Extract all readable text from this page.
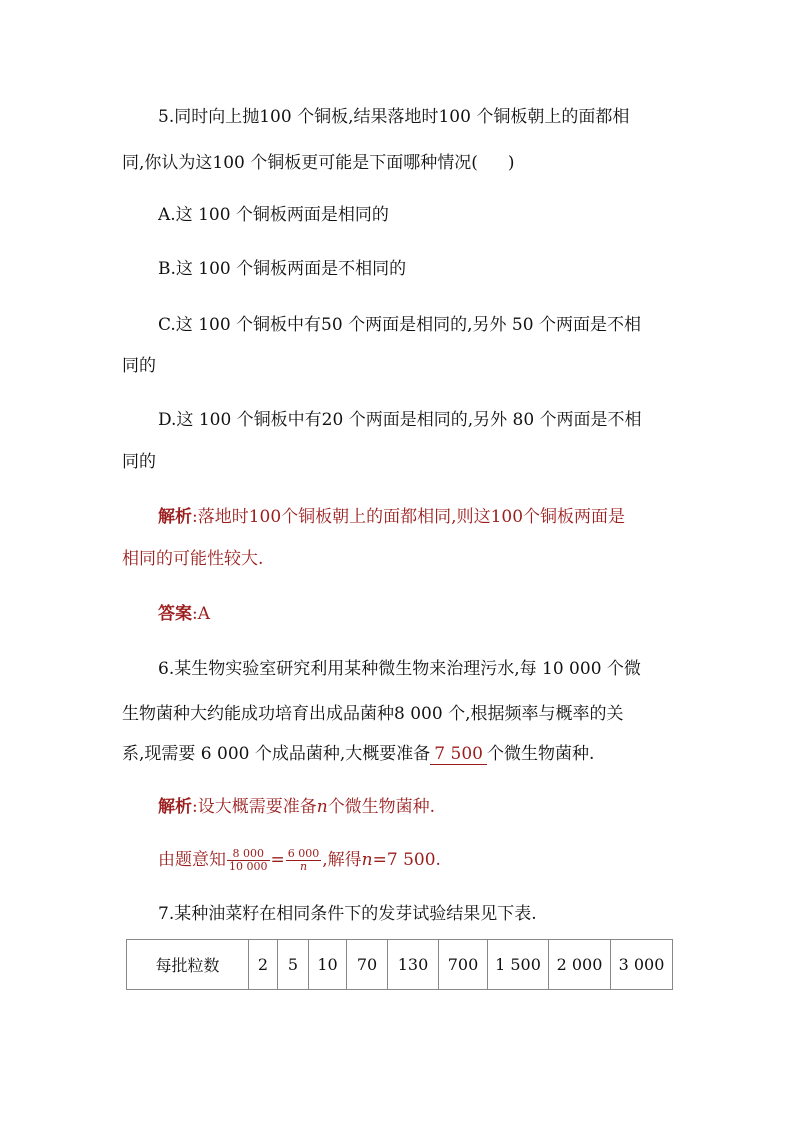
5.同时向上抛100 个铜板,结果落地时100 个铜板朝上的面都相
同,你认为这100 个铜板更可能是下面哪种情况( )
A.这 100 个铜板两面是相同的
B.这 100 个铜板两面是不相同的
C.这 100 个铜板中有50 个两面是相同的,另外 50 个两面是不相
同的
D.这 100 个铜板中有20 个两面是相同的,另外 80 个两面是不相
同的
解析:落地时100个铜板朝上的面都相同,则这100个铜板两面是
相同的可能性较大.
答案:A
6.某生物实验室研究利用某种微生物来治理污水,每 10 000 个微
生物菌种大约能成功培育出成品菌种8 000 个,根据频率与概率的关
系,现需要 6 000 个成品菌种,大概要准备 7 500 个微生物菌种.
解析:设大概需要准备n个微生物菌种.
由题意知 $\frac{8 000}{10 000} = \frac{6 000}{n}$ ,解得n=7 500.
7.某种油菜籽在相同条件下的发芽试验结果见下表.
每批粒数	2	5	10	70	130	700	1 500	2 000	3 000
